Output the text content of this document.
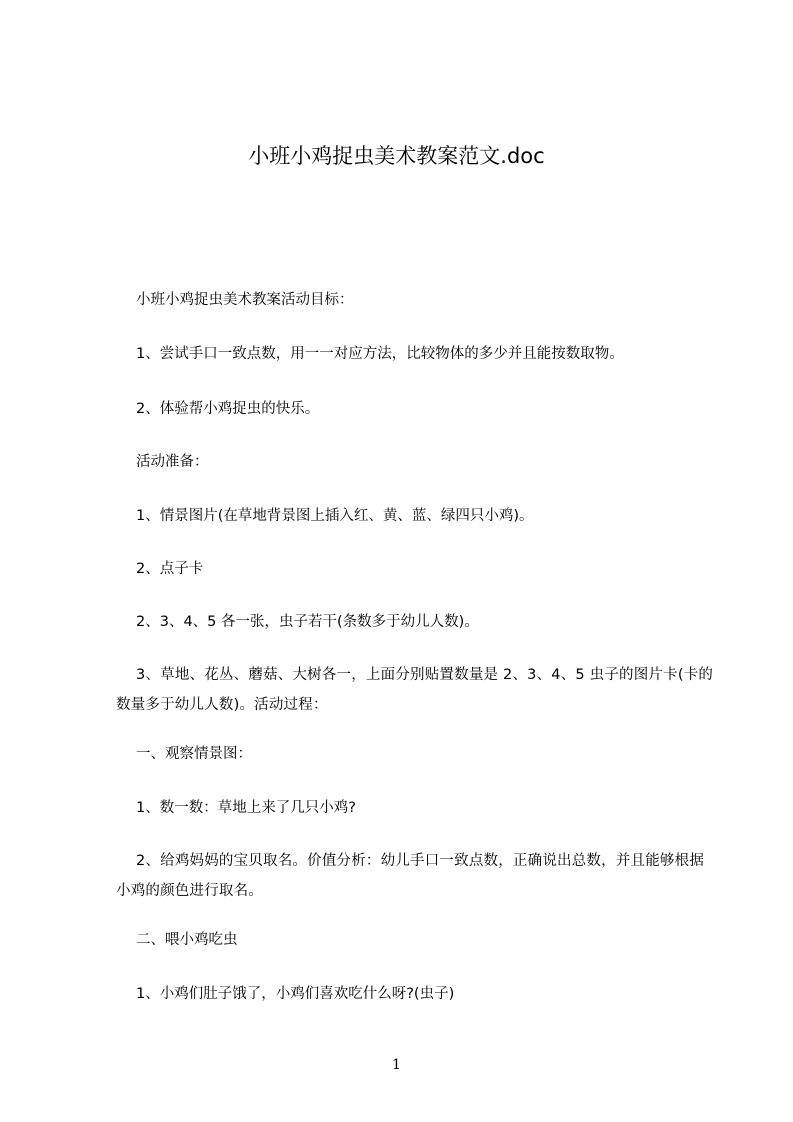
小班小鸡捉虫美术教案范文.doc
小班小鸡捉虫美术教案活动目标：
1、尝试手口一致点数，用一一对应方法，比较物体的多少并且能按数取物。
2、体验帮小鸡捉虫的快乐。
活动准备：
1、情景图片(在草地背景图上插入红、黄、蓝、绿四只小鸡)。
2、点子卡
2、3、4、5 各一张，虫子若干(条数多于幼儿人数)。
3、草地、花丛、蘑菇、大树各一，上面分别贴置数量是 2、3、4、5 虫子的图片卡(卡的数量多于幼儿人数)。活动过程：
一、观察情景图：
1、数一数：草地上来了几只小鸡?
2、给鸡妈妈的宝贝取名。价值分析：幼儿手口一致点数，正确说出总数，并且能够根据小鸡的颜色进行取名。
二、喂小鸡吃虫
1、小鸡们肚子饿了，小鸡们喜欢吃什么呀?(虫子)
1
